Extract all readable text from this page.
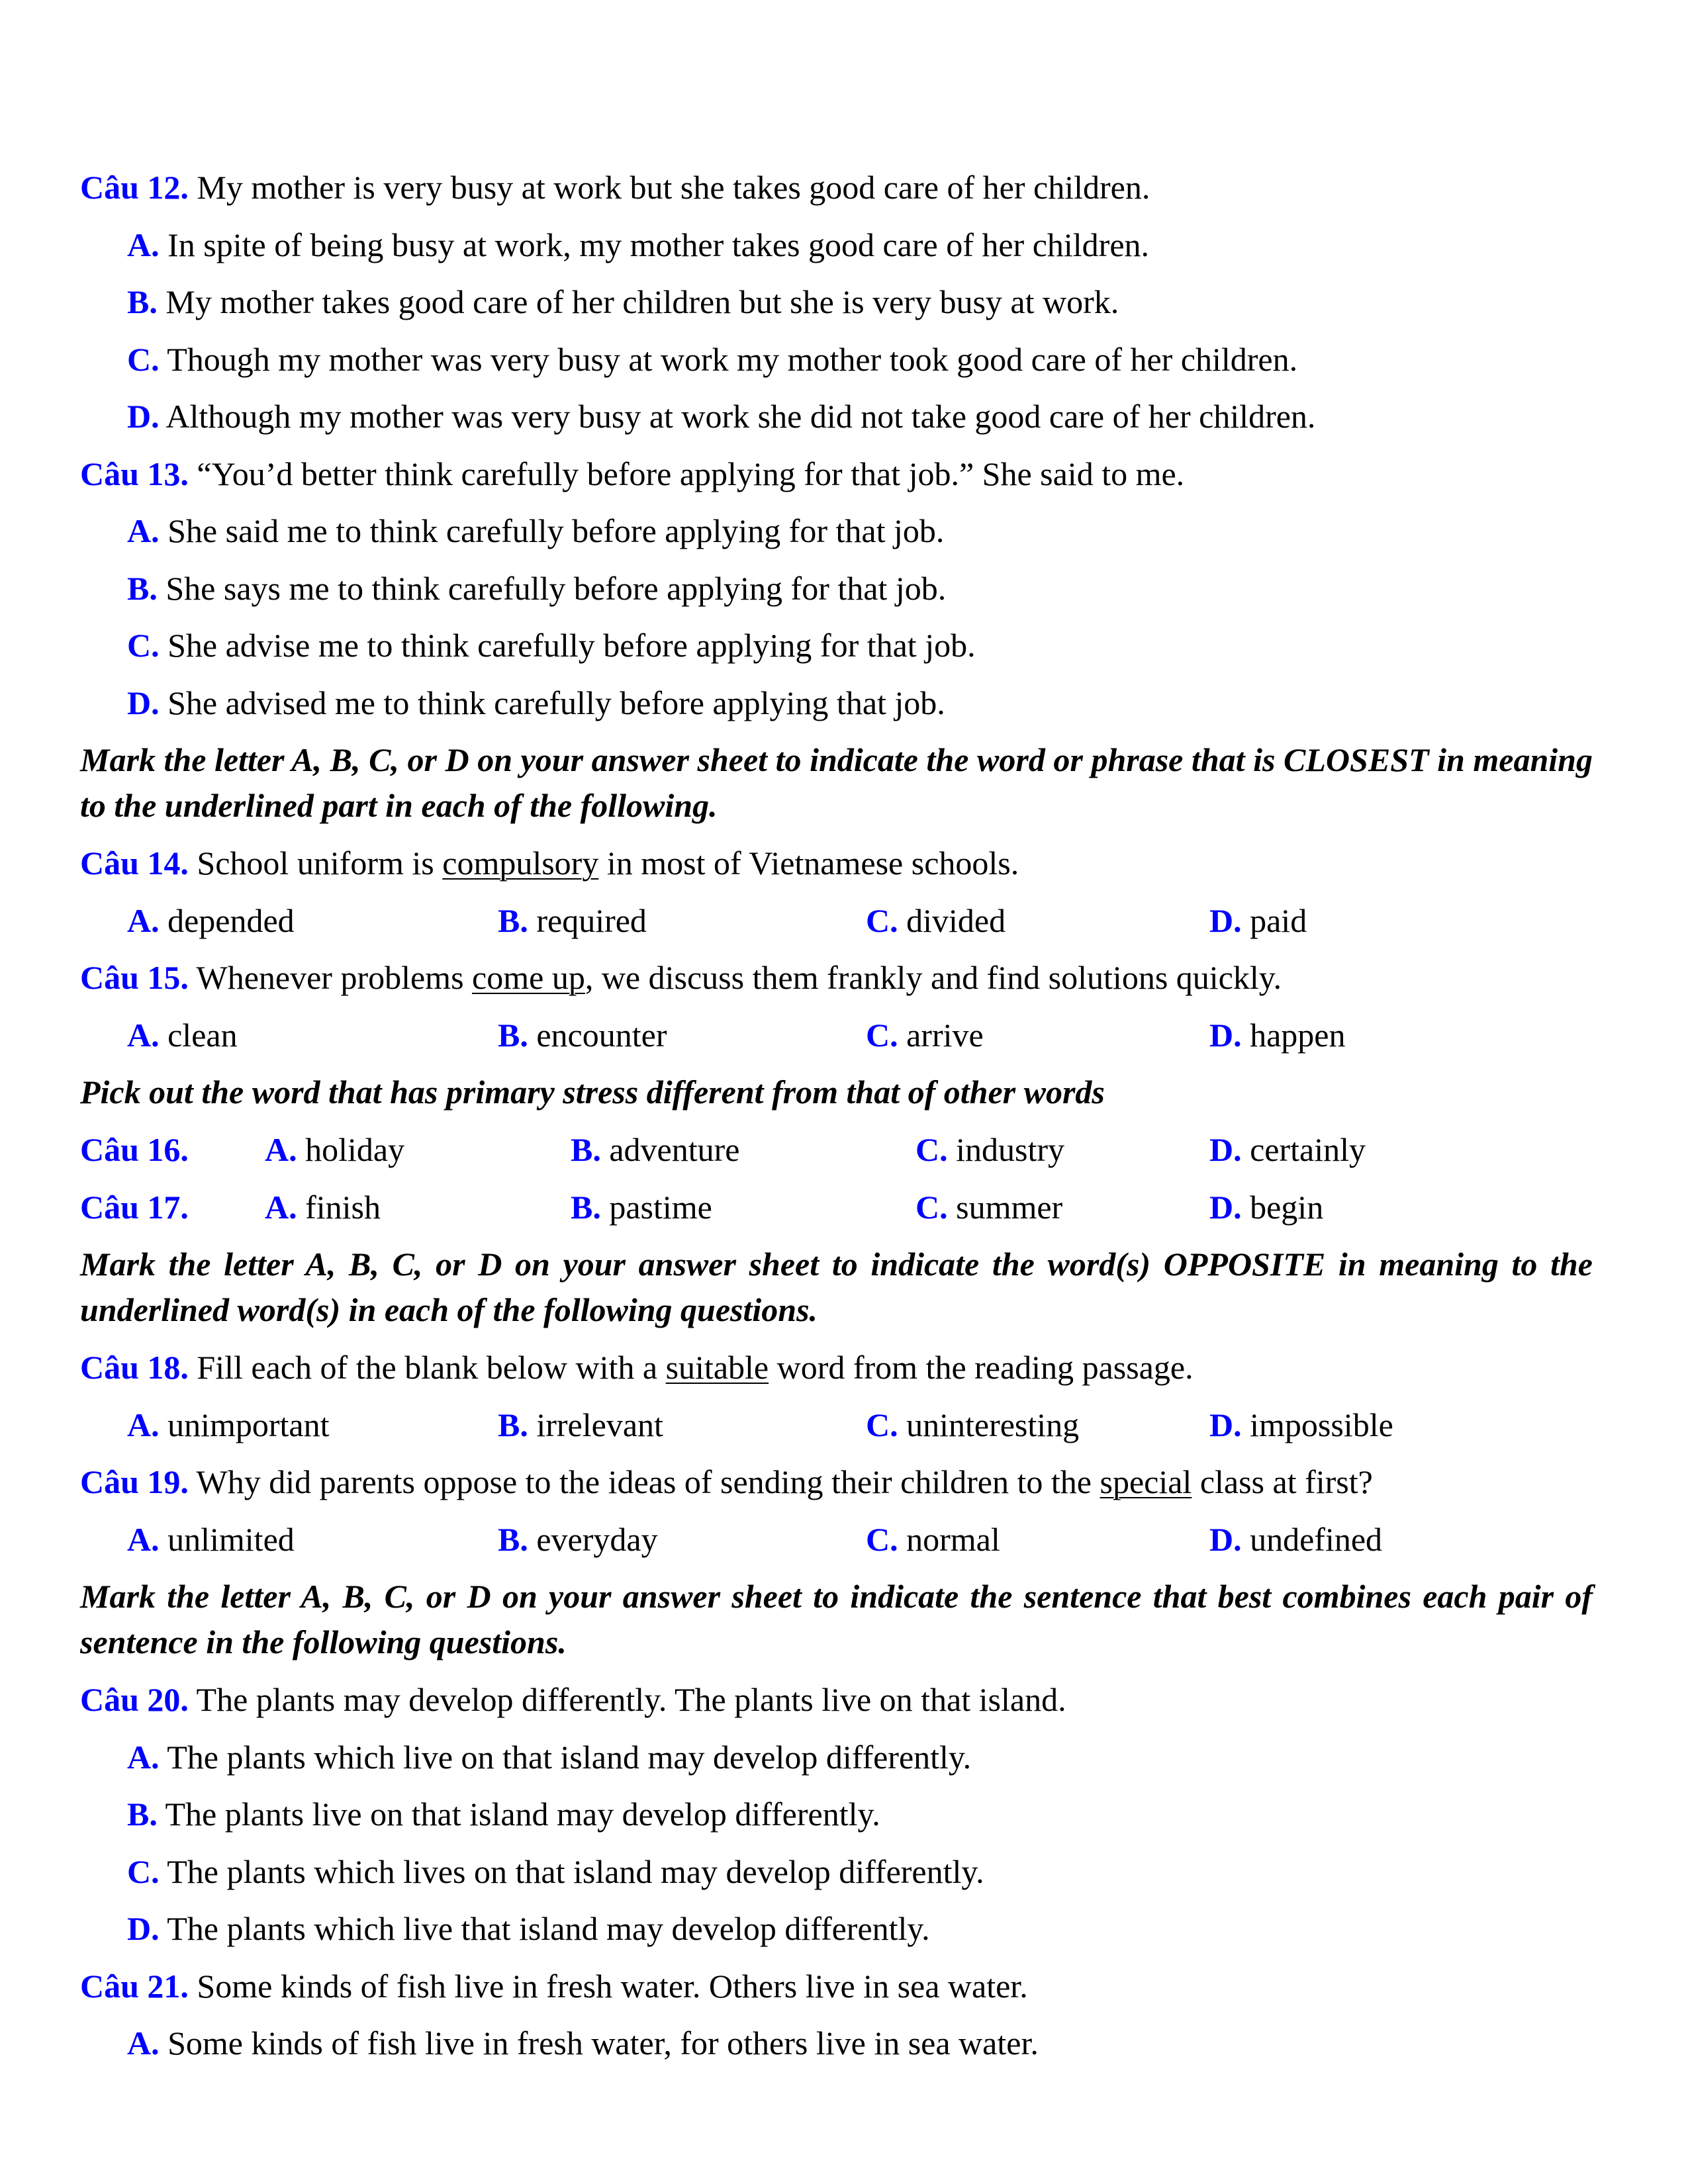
Câu 12. My mother is very busy at work but she takes good care of her children.
A. In spite of being busy at work, my mother takes good care of her children.
B. My mother takes good care of her children but she is very busy at work.
C. Though my mother was very busy at work my mother took good care of her children.
D. Although my mother was very busy at work she did not take good care of her children.
Câu 13. “You’d better think carefully before applying for that job.” She said to me.
A. She said me to think carefully before applying for that job.
B. She says me to think carefully before applying for that job.
C. She advise me to think carefully before applying for that job.
D. She advised me to think carefully before applying that job.
Mark the letter A, B, C, or D on your answer sheet to indicate the word or phrase that is CLOSEST in meaning to the underlined part in each of the following.
Câu 14. School uniform is compulsory in most of Vietnamese schools.
A. depended	B. required	C. divided	D. paid
Câu 15. Whenever problems come up, we discuss them frankly and find solutions quickly.
A. clean	B. encounter	C. arrive	D. happen
Pick out the word that has primary stress different from that of other words
Câu 16. A. holiday	B. adventure	C. industry	D. certainly
Câu 17. A. finish	B. pastime	C. summer	D. begin
Mark the letter A, B, C, or D on your answer sheet to indicate the word(s) OPPOSITE in meaning to the underlined word(s) in each of the following questions.
Câu 18. Fill each of the blank below with a suitable word from the reading passage.
A. unimportant	B. irrelevant	C. uninteresting	D. impossible
Câu 19. Why did parents oppose to the ideas of sending their children to the special class at first?
A. unlimited	B. everyday	C. normal	D. undefined
Mark the letter A, B, C, or D on your answer sheet to indicate the sentence that best combines each pair of sentence in the following questions.
Câu 20. The plants may develop differently. The plants live on that island.
A. The plants which live on that island may develop differently.
B. The plants live on that island may develop differently.
C. The plants which lives on that island may develop differently.
D. The plants which live that island may develop differently.
Câu 21. Some kinds of fish live in fresh water. Others live in sea water.
A. Some kinds of fish live in fresh water, for others live in sea water.
